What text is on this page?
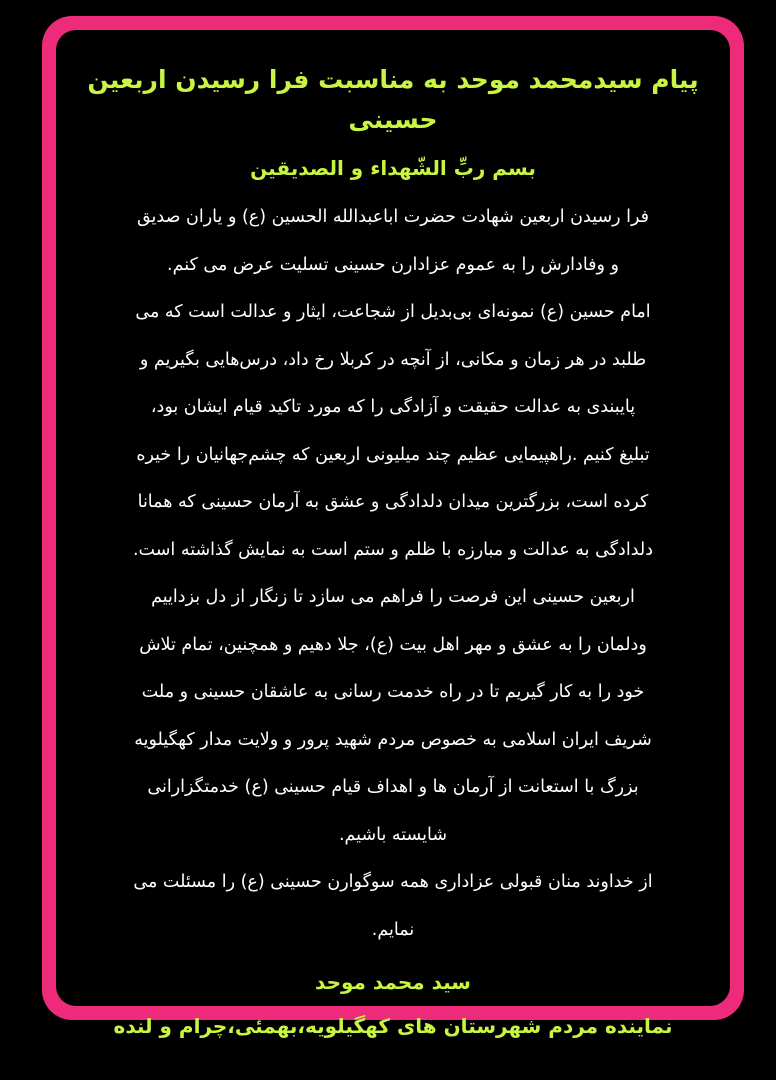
پیام سیدمحمد موحد به مناسبت فرا رسیدن اربعین حسینی

بسم ربِّ الشّهداء و الصدیقین

فرا رسیدن اربعین شهادت حضرت اباعبدالله الحسین (ع) و یاران صدیق
و وفادارش را به عموم عزادارن حسینی تسلیت عرض می کنم.
امام حسین (ع) نمونه‌ای بی‌بدیل از شجاعت، ایثار و عدالت است که می
طلبد در هر زمان و مکانی، از آنچه در کربلا رخ داد، درس‌هایی بگیریم و
پایبندی به عدالت حقیقت و آزادگی را که مورد تاکید قیام ایشان بود،
تبلیغ کنیم .راهپیمایی عظیم چند میلیونی اربعین که چشم‌جهانیان را خیره
کرده است، بزرگترین میدان دلدادگی و عشق به آرمان حسینی که همانا
دلدادگی به عدالت و مبارزه با ظلم و ستم است به نمایش گذاشته است.
اربعین حسینی این فرصت را فراهم می سازد تا زنگار از دل بزداییم
ودلمان را به عشق و مهر اهل بیت (ع)، جلا دهیم و همچنین، تمام تلاش
خود را به کار گیریم تا در راه خدمت رسانی به عاشقان حسینی و ملت
شریف ایران اسلامی به خصوص مردم شهید پرور و ولایت مدار کهگیلویه
بزرگ با استعانت از آرمان ها و اهداف قیام حسینی (ع) خدمتگزارانی
شایسته باشیم.
از خداوند منان قبولی عزاداری همه سوگوارن حسینی (ع) را مسئلت می
نمایم.

سید محمد موحد

نماینده مردم شهرستان های کهگیلویه،بهمئی،چرام و لنده
